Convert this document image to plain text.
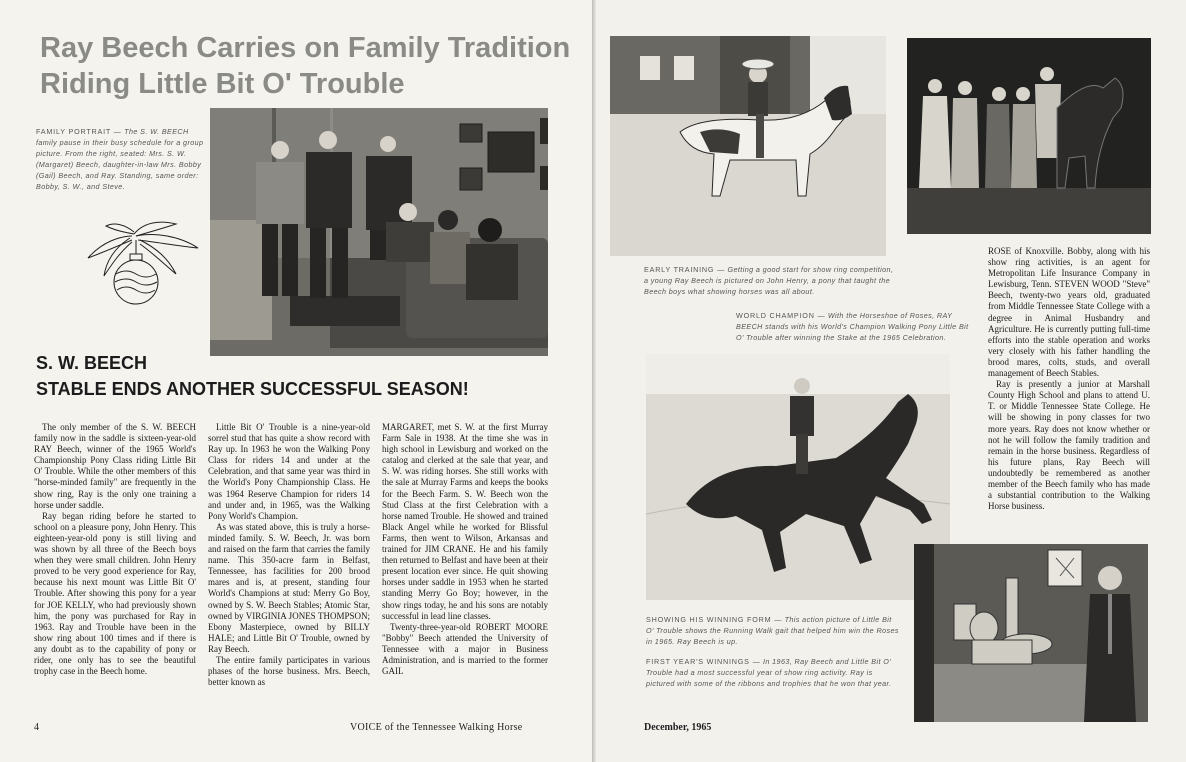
Ray Beech Carries on Family Tradition
Riding Little Bit O' Trouble
FAMILY PORTRAIT — The S. W. BEECH family pause in their busy schedule for a group picture. From the right, seated: Mrs. S. W. (Margaret) Beech, daughter-in-law Mrs. Bobby (Gail) Beech, and Ray. Standing, same order: Bobby, S. W., and Steve.
S. W. BEECH
STABLE ENDS ANOTHER SUCCESSFUL SEASON!

The only member of the S. W. BEECH family now in the saddle is sixteen-year-old RAY Beech, winner of the 1965 World's Championship Pony Class riding Little Bit O' Trouble. While the other members of this "horse-minded family" are frequently in the show ring, Ray is the only one training a horse under saddle.

Ray began riding before he started to school on a pleasure pony, John Henry. This eighteen-year-old pony is still living and was shown by all three of the Beech boys when they were small children. John Henry proved to be very good experience for Ray, because his next mount was Little Bit O' Trouble. After showing this pony for a year for JOE KELLY, who had previously shown him, the pony was purchased for Ray in 1963. Ray and Trouble have been in the show ring about 100 times and if there is any doubt as to the capability of pony or rider, one only has to see the beautiful trophy case in the Beech home.

Little Bit O' Trouble is a nine-year-old sorrel stud that has quite a show record with Ray up. In 1963 he won the Walking Pony Class for riders 14 and under at the Celebration, and that same year was third in the World's Pony Championship Class. He was 1964 Reserve Champion for riders 14 and under and, in 1965, was the Walking Pony World's Champion.

As was stated above, this is truly a horse-minded family. S. W. Beech, Jr. was born and raised on the farm that carries the family name. This 350-acre farm in Belfast, Tennessee, has facilities for 200 brood mares and is, at present, standing four World's Champions at stud: Merry Go Boy, owned by S. W. Beech Stables; Atomic Star, owned by VIRGINIA JONES THOMPSON; Ebony Masterpiece, owned by BILLY HALE; and Little Bit O' Trouble, owned by Ray Beech.

The entire family participates in various phases of the horse business. Mrs. Beech, better known as

MARGARET, met S. W. at the first Murray Farm Sale in 1938. At the time she was in high school in Lewisburg and worked on the catalog and clerked at the sale that year, and S. W. was riding horses. She still works with the sale at Murray Farms and keeps the books for the Beech Farm. S. W. Beech won the Stud Class at the first Celebration with a horse named Trouble. He showed and trained Black Angel while he worked for Blissful Farms, then went to Wilson, Arkansas and trained for JIM CRANE. He and his family then returned to Belfast and have been at their present location ever since. He quit showing horses under saddle in 1953 when he started standing Merry Go Boy; however, in the show rings today, he and his sons are notably successful in lead line classes.

Twenty-three-year-old ROBERT MOORE "Bobby" Beech attended the University of Tennessee with a major in Business Administration, and is married to the former GAIL

4	VOICE of the Tennessee Walking Horse
EARLY TRAINING — Getting a good start for show ring competition, a young Ray Beech is pictured on John Henry, a pony that taught the Beech boys what showing horses was all about.
WORLD CHAMPION — With the Horseshoe of Roses, RAY BEECH stands with his World's Champion Walking Pony Little Bit O' Trouble after winning the Stake at the 1965 Celebration.

ROSE of Knoxville. Bobby, along with his show ring activities, is an agent for Metropolitan Life Insurance Company in Lewisburg, Tenn. STEVEN WOOD "Steve" Beech, twenty-two years old, graduated from Middle Tennessee State College with a degree in Animal Husbandry and Agriculture. He is currently putting full-time efforts into the stable operation and works very closely with his father handling the brood mares, colts, studs, and overall management of Beech Stables.

Ray is presently a junior at Marshall County High School and plans to attend U. T. or Middle Tennessee State College. He will be showing in pony classes for two more years. Ray does not know whether or not he will follow the family tradition and remain in the horse business. Regardless of his future plans, Ray Beech will undoubtedly be remembered as another member of the Beech family who has made a substantial contribution to the Walking Horse business.

SHOWING HIS WINNING FORM — This action picture of Little Bit O' Trouble shows the Running Walk gait that helped him win the Roses in 1965. Ray Beech is up.
FIRST YEAR'S WINNINGS — In 1963, Ray Beech and Little Bit O' Trouble had a most successful year of show ring activity. Ray is pictured with some of the ribbons and trophies that he won that year.
December, 1965
